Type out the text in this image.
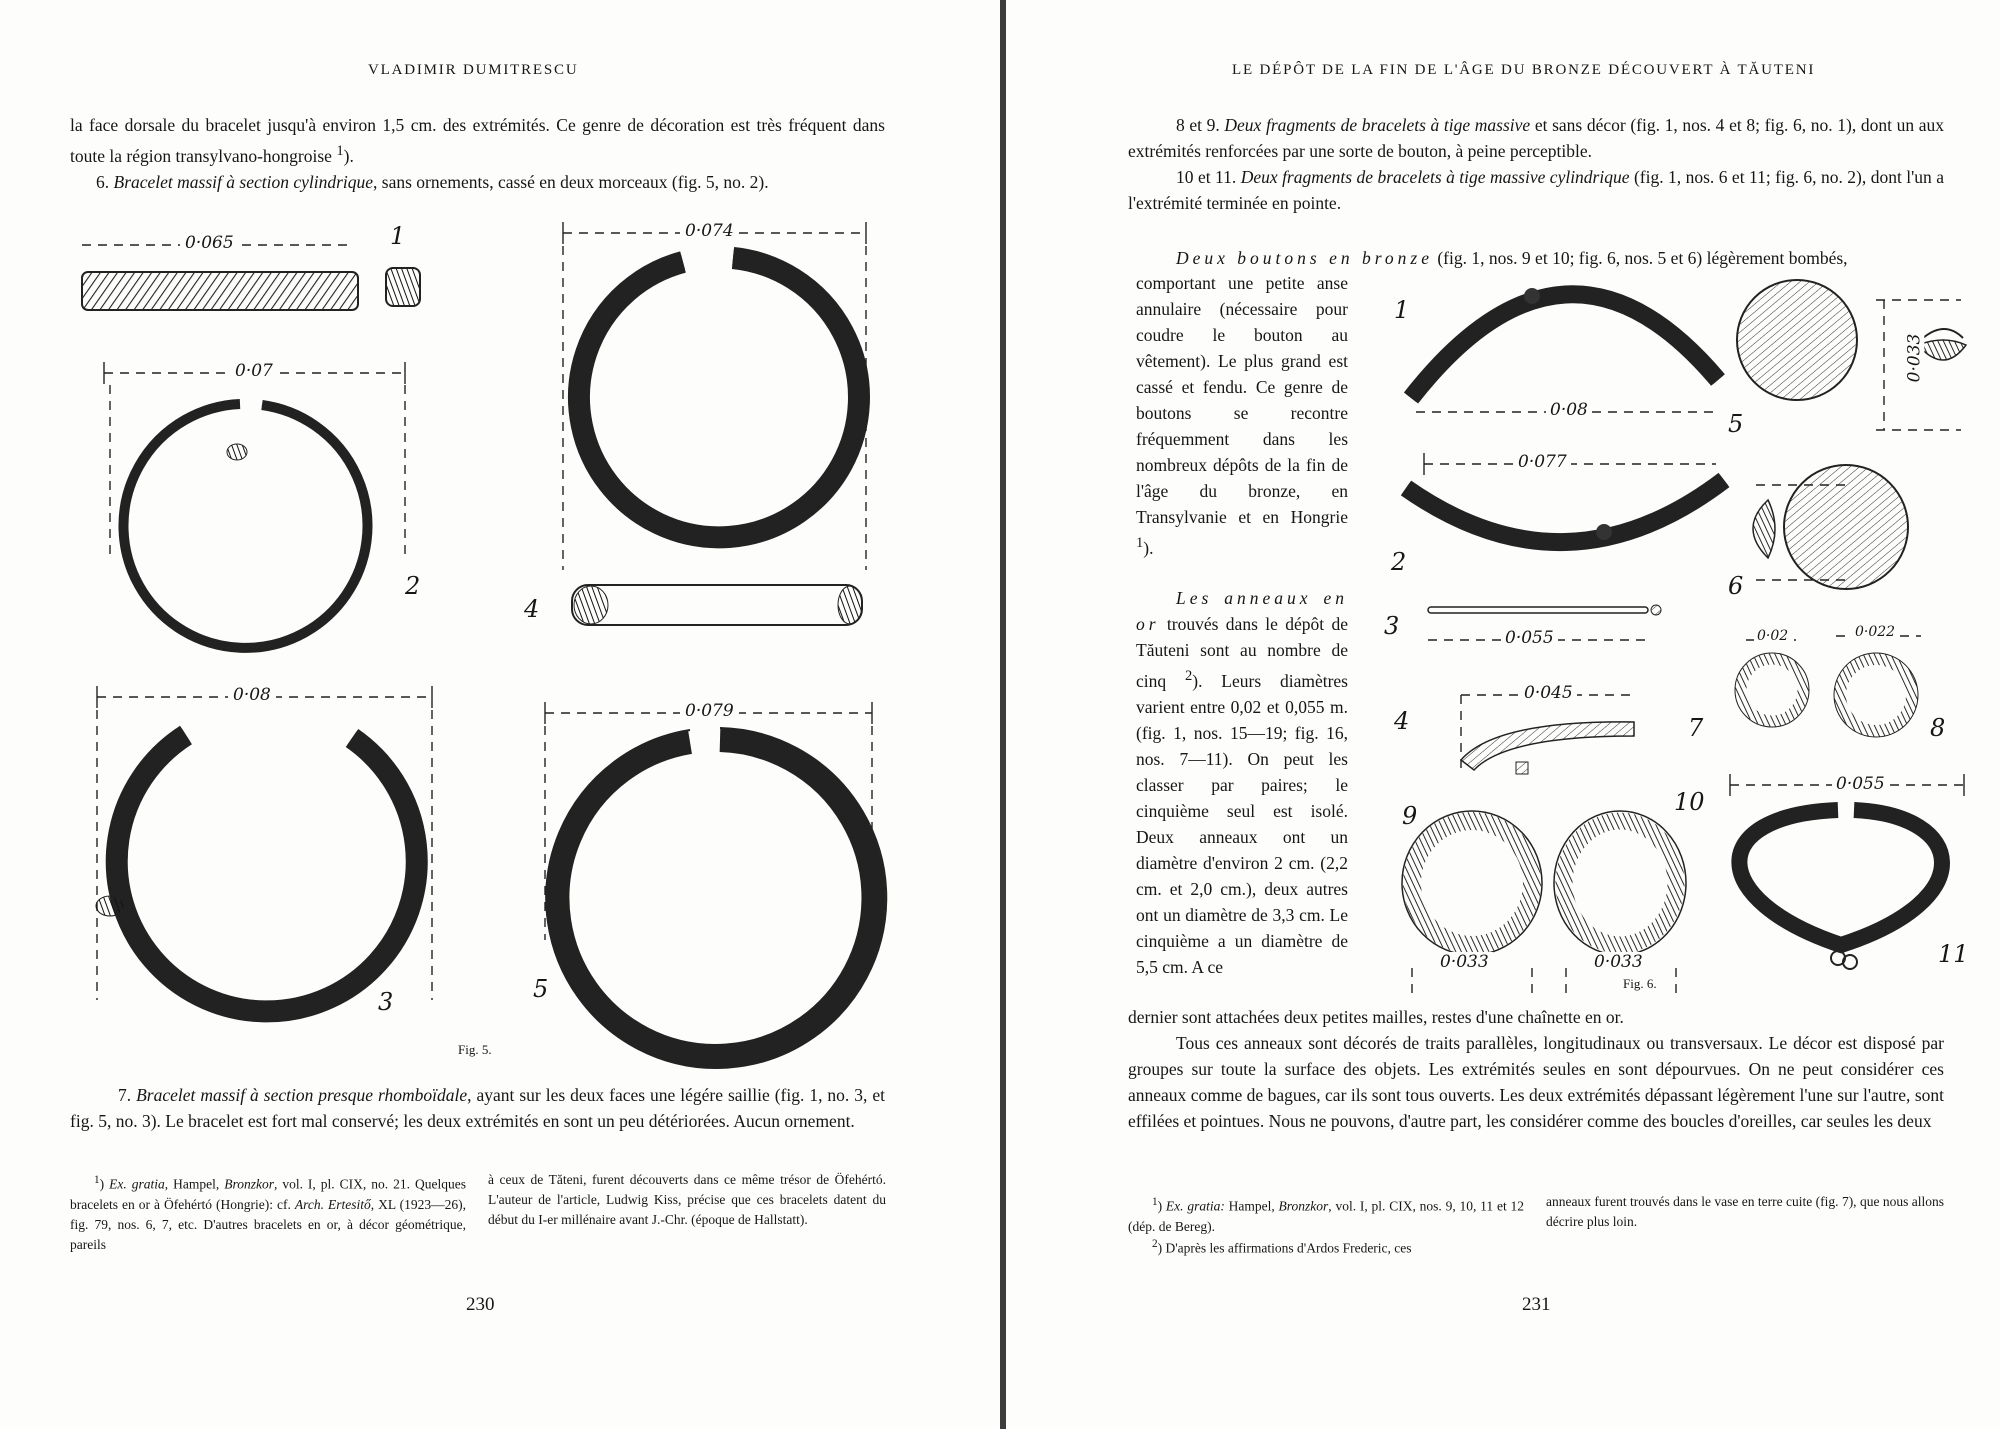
VLADIMIR DUMITRESCU

la face dorsale du bracelet jusqu'à environ 1,5 cm. des extrémités. Ce genre de décoration est très fréquent dans toute la région transylvano-hongroise $^1$).
6. Bracelet massif à section cylindrique, sans ornements, cassé en deux morceaux (fig. 5, no. 2).

1
2
3
4
5
0·065
0·07
0·08
0·074
0·079
Fig. 5.

7. Bracelet massif à section presque rhomboïdale, ayant sur les deux faces une légére saillie (fig. 1, no. 3, et fig. 5, no. 3). Le bracelet est fort mal conservé; les deux extrémités en sont un peu détériorées. Aucun ornement.

$^1$) Ex. gratia, Hampel, Bronzkor, vol. I, pl. CIX, no. 21. Quelques bracelets en or à Öfehértó (Hongrie): cf. Arch. Ertesitő, XL (1923—26), fig. 79, nos. 6, 7, etc. D'autres bracelets en or, à décor géométrique, pareils

à ceux de Tăteni, furent découverts dans ce même trésor de Öfehértó. L'auteur de l'article, Ludwig Kiss, précise que ces bracelets datent du début du I-er millénaire avant J.-Chr. (époque de Hallstatt).

230
LE DÉPÔT DE LA FIN DE L'ÂGE DU BRONZE DÉCOUVERT À TĂUTENI

8 et 9. Deux fragments de bracelets à tige massive et sans décor (fig. 1, nos. 4 et 8; fig. 6, no. 1), dont un aux extrémités renforcées par une sorte de bouton, à peine perceptible.

10 et 11. Deux fragments de bracelets à tige massive cylindrique (fig. 1, nos. 6 et 11; fig. 6, no. 2), dont l'un a l'extrémité terminée en pointe.

Deux boutons en bronze (fig. 1, nos. 9 et 10; fig. 6, nos. 5 et 6) légèrement bombés,

comportant une petite anse annulaire (nécessaire pour coudre le bouton au vêtement). Le plus grand est cassé et fendu. Ce genre de boutons se recontre fréquemment dans les nombreux dépôts de la fin de l'âge du bronze, en Transylvanie et en Hongrie $^1$).

Les anneaux en or trouvés dans le dépôt de Tăuteni sont au nombre de cinq $^2$). Leurs diamètres varient entre 0,02 et 0,055 m. (fig. 1, nos. 15—19; fig. 16, nos. 7—11). On peut les classer par paires; le cinquième seul est isolé. Deux anneaux ont un diamètre d'environ 2 cm. (2,2 cm. et 2,0 cm.), deux autres ont un diamètre de 3,3 cm. Le cinquième a un diamètre de 5,5 cm. A ce

dernier sont attachées deux petites mailles, restes d'une chaînette en or.

Tous ces anneaux sont décorés de traits parallèles, longitudinaux ou transversaux. Le décor est disposé par groupes sur toute la surface des objets. Les extrémités seules en sont dépourvues. On ne peut considérer ces anneaux comme de bagues, car ils sont tous ouverts. Les deux extrémités dépassant légèrement l'une sur l'autre, sont effilées et pointues. Nous ne pouvons, d'autre part, les considérer comme des boucles d'oreilles, car seules les deux

1
2
3
4
5
6
7	8
9	10
11
0·08
0·077
0·055
0·045
0·033
0·02	0·022
0·055
0·033	0·033
Fig. 6.

$^1$) Ex. gratia: Hampel, Bronzkor, vol. I, pl. CIX, nos. 9, 10, 11 et 12 (dép. de Bereg).

$^2$) D'après les affirmations d'Ardos Frederic, ces

anneaux furent trouvés dans le vase en terre cuite (fig. 7), que nous allons décrire plus loin.

231
